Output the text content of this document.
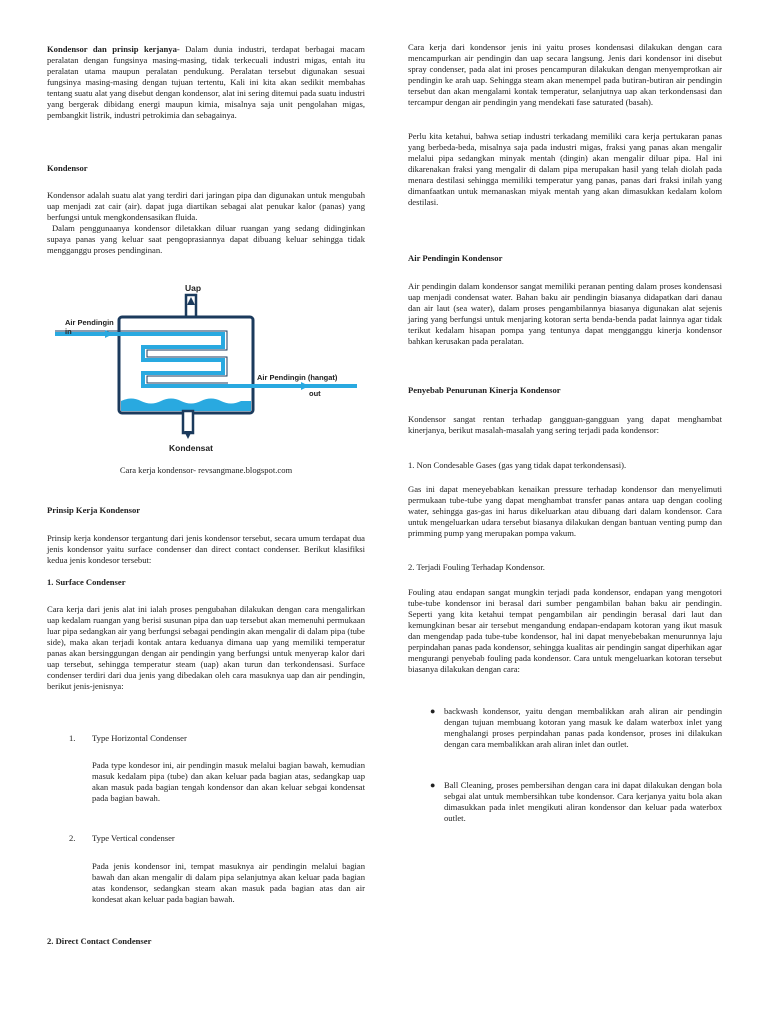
Kondensor dan prinsip kerjanya- Dalam dunia industri, terdapat berbagai macam peralatan dengan fungsinya masing-masing, tidak terkecuali industri migas, entah itu peralatan utama maupun peralatan pendukung. Peralatan tersebut digunakan sesuai fungsinya masing-masing dengan tujuan tertentu, Kali ini kita akan sedikit membahas tentang suatu alat yang disebut dengan kondensor, alat ini sering ditemui pada suatu industri yang bergerak dibidang energi maupun kimia, misalnya saja unit pengolahan migas, pembangkit listrik, industri petrokimia dan sebagainya.

Kondensor

Kondensor adalah suatu alat yang terdiri dari jaringan pipa dan digunakan untuk mengubah uap menjadi zat cair (air). dapat juga diartikan sebagai alat penukar kalor (panas) yang berfungsi untuk mengkondensasikan fluida.

Dalam penggunaanya kondensor diletakkan diluar ruangan yang sedang didinginkan supaya panas yang keluar saat pengoprasiannya dapat dibuang keluar sehingga tidak mengganggu proses pendinginan.

Uap
Air Pendingin
in
Air Pendingin (hangat)
out
Kondensat
Cara kerja kondensor- revsangmane.blogspot.com
Prinsip Kerja Kondensor

Prinsip kerja kondensor tergantung dari jenis kondensor tersebut, secara umum terdapat dua jenis kondensor yaitu surface condenser dan direct contact condenser. Berikut klasifiksi kedua jenis kondesor tersebut:

1. Surface Condenser

Cara kerja dari jenis alat ini ialah proses pengubahan dilakukan dengan cara mengalirkan uap kedalam ruangan yang berisi susunan pipa dan uap tersebut akan memenuhi permukaan luar pipa sedangkan air yang berfungsi sebagai pendingin akan mengalir di dalam pipa (tube side), maka akan terjadi kontak antara keduanya dimana uap yang memiliki temperatur panas akan bersinggungan dengan air pendingin yang berfungsi untuk menyerap kalor dari uap tersebut, sehingga temperatur steam (uap) akan turun dan terkondensasi. Surface condenser terdiri dari dua jenis yang dibedakan oleh cara masuknya uap dan air pendingin, berikut jenis-jenisnya:

1. Type Horizontal Condenser

Pada type kondesor ini, air pendingin masuk melalui bagian bawah, kemudian masuk kedalam pipa (tube) dan akan keluar pada bagian atas, sedangkap uap akan masuk pada bagian tengah kondensor dan akan keluar sebgai kondensat pada bagian bawah.

2. Type Vertical condenser

Pada jenis kondensor ini, tempat masuknya air pendingin melalui bagian bawah dan akan mengalir di dalam pipa selanjutnya akan keluar pada bagian atas kondensor, sedangkan steam akan masuk pada bagian atas dan air kondesat akan keluar pada bagian bawah.

2. Direct Contact Condenser

Cara kerja dari kondensor jenis ini yaitu proses kondensasi dilakukan dengan cara mencampurkan air pendingin dan uap secara langsung. Jenis dari kondensor ini disebut spray condenser, pada alat ini proses pencampuran dilakukan dengan menyemprotkan air pendingin ke arah uap. Sehingga steam akan menempel pada butiran-butiran air pendingin tersebut dan akan mengalami kontak temperatur, selanjutnya uap akan terkondensasi dan tercampur dengan air pendingin yang mendekati fase saturated (basah).

Perlu kita ketahui, bahwa setiap industri terkadang memiliki cara kerja pertukaran panas yang berbeda-beda, misalnya saja pada industri migas, fraksi yang panas akan mengalir melalui pipa sedangkan minyak mentah (dingin) akan mengalir diluar pipa. Hal ini dikarenakan fraksi yang mengalir di dalam pipa merupakan hasil yang telah diolah pada menara destilasi sehingga memiliki temperatur yang panas, panas dari fraksi inilah yang dimanfaatkan untuk memanaskan miyak mentah yang akan dimasukkan kedalam kolom destilasi.

Air Pendingin Kondensor

Air pendingin dalam kondensor sangat memiliki peranan penting dalam proses kondensasi uap menjadi condensat water. Bahan baku air pendingin biasanya didapatkan dari danau dan air laut (sea water), dalam proses pengambilannya biasanya digunakan alat sejenis jaring yang berfungsi untuk menjaring kotoran serta benda-benda padat lainnya agar tidak terikut kedalam hisapan pompa yang tentunya dapat mengganggu kinerja kondensor bahkan kerusakan pada peralatan.

Penyebab Penurunan Kinerja Kondensor

Kondensor sangat rentan terhadap gangguan-gangguan yang dapat menghambat kinerjanya, berikut masalah-masalah yang sering terjadi pada kondensor:

1. Non Condesable Gases (gas yang tidak dapat terkondensasi).

Gas ini dapat meneyebabkan kenaikan pressure terhadap kondensor dan menyelimuti permukaan tube-tube yang dapat menghambat transfer panas antara uap dengan cooling water, sehingga gas-gas ini harus dikeluarkan atau dibuang dari dalam kondensor. Cara untuk mengeluarkan udara tersebut biasanya dilakukan dengan bantuan venting pump dan primming pump yang merupakan pompa vakum.

2. Terjadi Fouling Terhadap Kondensor.

Fouling atau endapan sangat mungkin terjadi pada kondensor, endapan yang mengotori tube-tube kondensor ini berasal dari sumber pengambilan bahan baku air pendingin. Seperti yang kita ketahui tempat pengambilan air pendingin berasal dari laut dan kemungkinan besar air tersebut mengandung endapan-endapam kotoran yang ikut masuk dan mengendap pada tube-tube kondensor, hal ini dapat menyebebakan menurunnya laju perpindahan panas pada kondensor, sehingga kualitas air pendingin sangat diperhikan agar mengurangi penyebab fouling pada kondensor. Cara untuk mengeluarkan kotoran tersebut biasanya dilakukan dengan cara:

● backwash kondensor, yaitu dengan membalikkan arah aliran air pendingin dengan tujuan membuang kotoran yang masuk ke dalam waterbox inlet yang menghalangi proses perpindahan panas pada kondensor, proses ini dilakukan dengan cara membalikkan arah aliran inlet dan outlet.

● Ball Cleaning, proses pembersihan dengan cara ini dapat dilakukan dengan bola sebgai alat untuk membersihkan tube kondensor. Cara kerjanya yaitu bola akan dimasukkan pada inlet mengikuti aliran kondensor dan keluar pada waterbox outlet.
